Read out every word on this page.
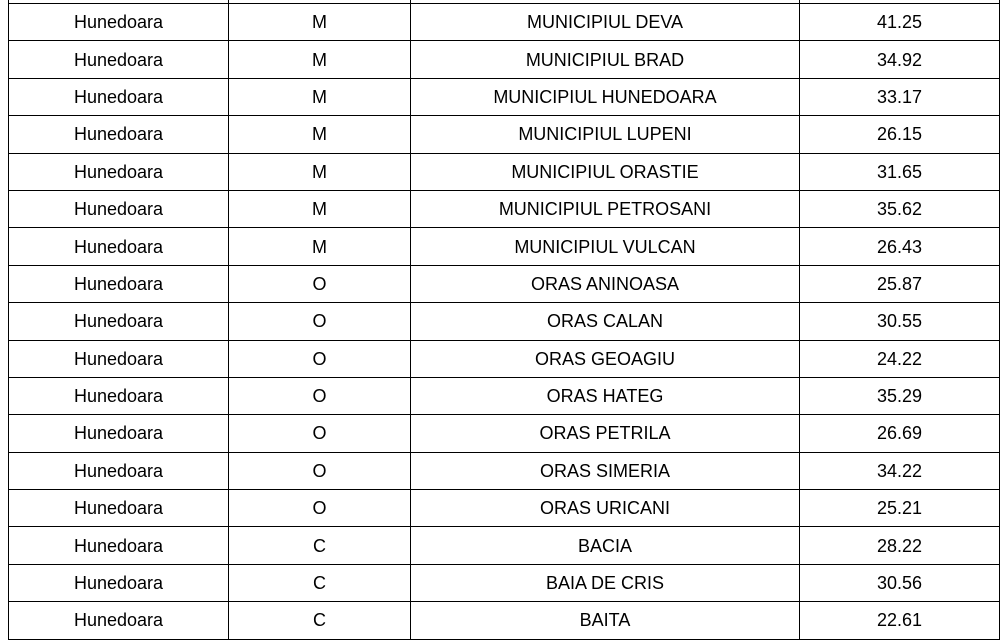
Hunedoara	M	MUNICIPIUL DEVA	41.25
Hunedoara	M	MUNICIPIUL BRAD	34.92
Hunedoara	M	MUNICIPIUL HUNEDOARA	33.17
Hunedoara	M	MUNICIPIUL LUPENI	26.15
Hunedoara	M	MUNICIPIUL ORASTIE	31.65
Hunedoara	M	MUNICIPIUL PETROSANI	35.62
Hunedoara	M	MUNICIPIUL VULCAN	26.43
Hunedoara	O	ORAS ANINOASA	25.87
Hunedoara	O	ORAS CALAN	30.55
Hunedoara	O	ORAS GEOAGIU	24.22
Hunedoara	O	ORAS HATEG	35.29
Hunedoara	O	ORAS PETRILA	26.69
Hunedoara	O	ORAS SIMERIA	34.22
Hunedoara	O	ORAS URICANI	25.21
Hunedoara	C	BACIA	28.22
Hunedoara	C	BAIA DE CRIS	30.56
Hunedoara	C	BAITA	22.61
